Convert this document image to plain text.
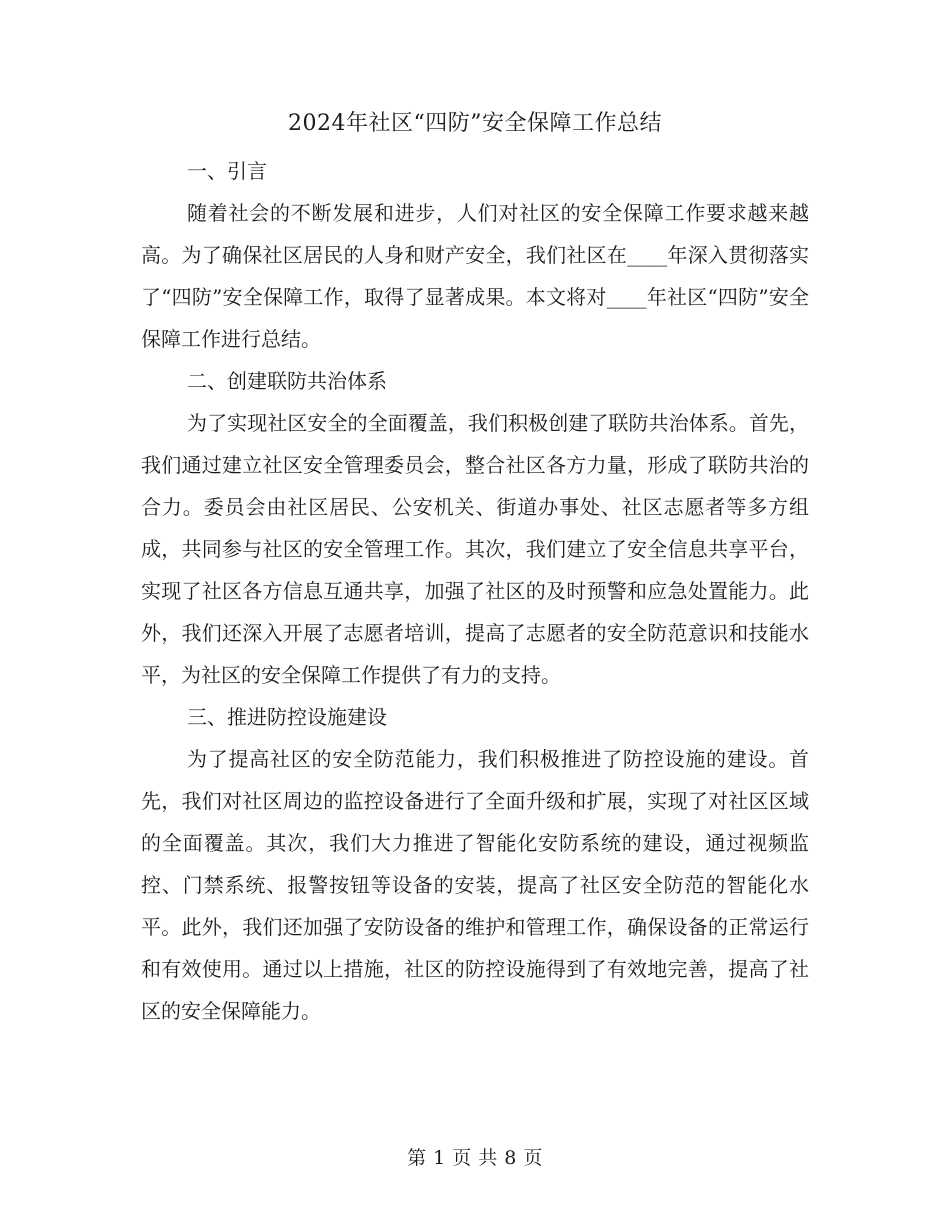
2024年社区“四防”安全保障工作总结

一、引言

随着社会的不断发展和进步，人们对社区的安全保障工作要求越来越高。为了确保社区居民的人身和财产安全，我们社区在____年深入贯彻落实了“四防”安全保障工作，取得了显著成果。本文将对____年社区“四防”安全保障工作进行总结。

二、创建联防共治体系

为了实现社区安全的全面覆盖，我们积极创建了联防共治体系。首先，我们通过建立社区安全管理委员会，整合社区各方力量，形成了联防共治的合力。委员会由社区居民、公安机关、街道办事处、社区志愿者等多方组成，共同参与社区的安全管理工作。其次，我们建立了安全信息共享平台，实现了社区各方信息互通共享，加强了社区的及时预警和应急处置能力。此外，我们还深入开展了志愿者培训，提高了志愿者的安全防范意识和技能水平，为社区的安全保障工作提供了有力的支持。

三、推进防控设施建设

为了提高社区的安全防范能力，我们积极推进了防控设施的建设。首先，我们对社区周边的监控设备进行了全面升级和扩展，实现了对社区区域的全面覆盖。其次，我们大力推进了智能化安防系统的建设，通过视频监控、门禁系统、报警按钮等设备的安装，提高了社区安全防范的智能化水平。此外，我们还加强了安防设备的维护和管理工作，确保设备的正常运行和有效使用。通过以上措施，社区的防控设施得到了有效地完善，提高了社区的安全保障能力。

第 1 页 共 8 页
